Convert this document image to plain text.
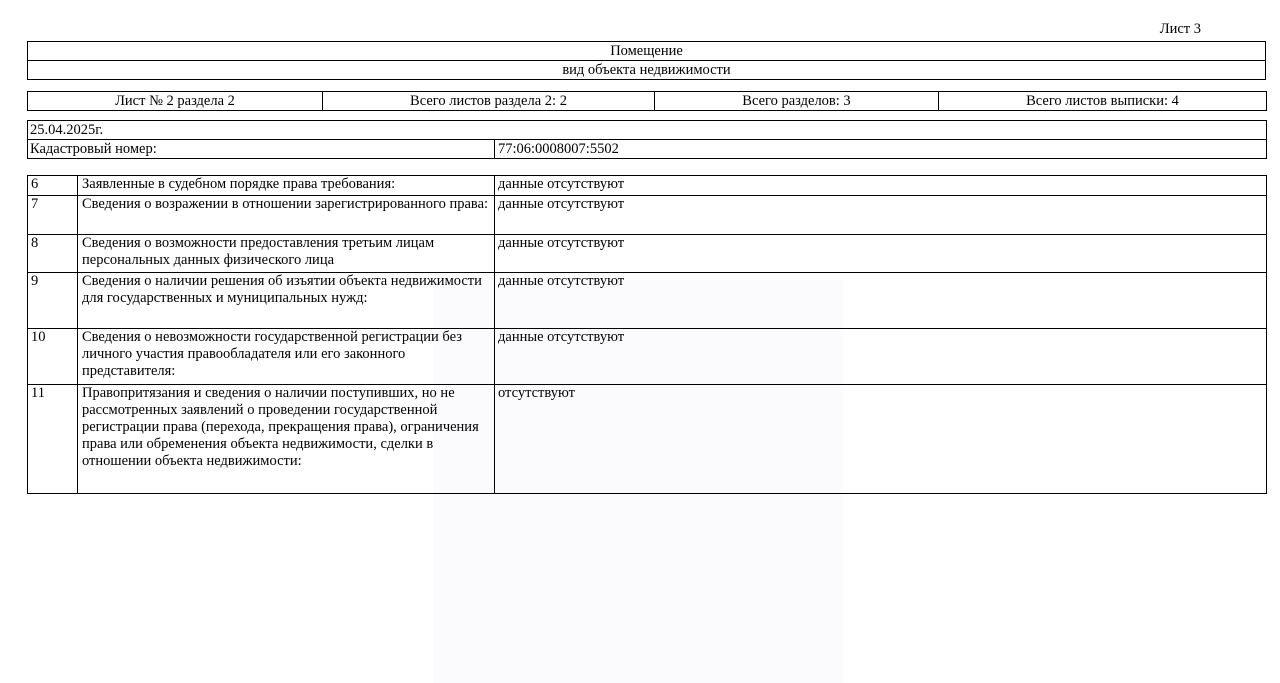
Лист 3
Помещение
вид объекта недвижимости
Лист № 2 раздела 2	Всего листов раздела 2: 2	Всего разделов: 3	Всего листов выписки: 4
25.04.2025г.
Кадастровый номер:	77:06:0008007:5502
6	Заявленные в судебном порядке права требования:	данные отсутствуют
7	Сведения о возражении в отношении зарегистрированного права:	данные отсутствуют
8	Сведения о возможности предоставления третьим лицам персональных данных физического лица	данные отсутствуют
9	Сведения о наличии решения об изъятии объекта недвижимости для государственных и муниципальных нужд:	данные отсутствуют
10	Сведения о невозможности государственной регистрации без личного участия правообладателя или его законного представителя:	данные отсутствуют
11	Правопритязания и сведения о наличии поступивших, но не рассмотренных заявлений о проведении государственной регистрации права (перехода, прекращения права), ограничения права или обременения объекта недвижимости, сделки в отношении объекта недвижимости:	отсутствуют
